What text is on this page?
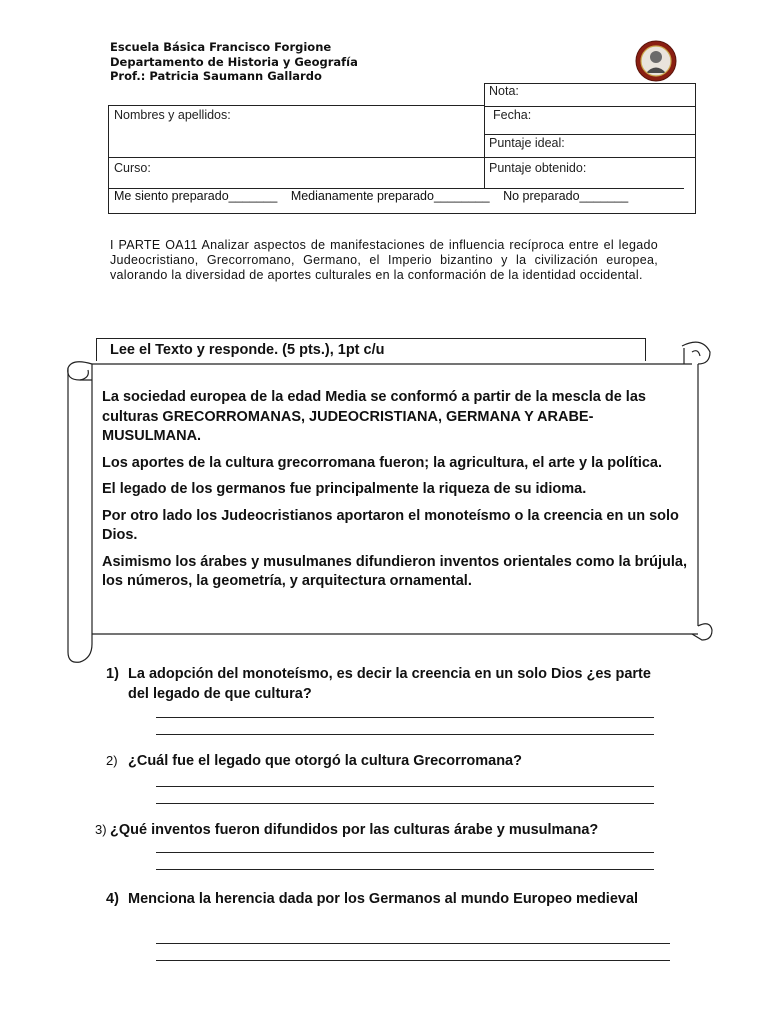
Escuela Básica Francisco Forgione
Departamento de Historia y Geografía
Prof.: Patricia Saumann Gallardo
Nota:
Nombres y apellidos:	Fecha:
Puntaje ideal:
Curso:	Puntaje obtenido:
Me siento preparado_______ Medianamente preparado________ No preparado_______
I PARTE OA11 Analizar aspectos de manifestaciones de influencia recíproca entre el legado Judeocristiano, Grecorromano, Germano, el Imperio bizantino y la civilización europea, valorando la diversidad de aportes culturales en la conformación de la identidad occidental.
Lee el Texto y responde. (5 pts.), 1pt c/u

La sociedad europea de la edad Media se conformó a partir de la mescla de las culturas GRECORROMANAS, JUDEOCRISTIANA, GERMANA Y ARABE-MUSULMANA.

Los aportes de la cultura grecorromana fueron; la agricultura, el arte y la política.

El legado de los germanos fue principalmente la riqueza de su idioma.

Por otro lado los Judeocristianos aportaron el monoteísmo o la creencia en un solo Dios.

Asimismo los árabes y musulmanes difundieron inventos orientales como la brújula, los números, la geometría, y arquitectura ornamental.

1) La adopción del monoteísmo, es decir la creencia en un solo Dios ¿es parte del legado de que cultura?
2) ¿Cuál fue el legado que otorgó la cultura Grecorromana?
3) ¿Qué inventos fueron difundidos por las culturas árabe y musulmana?
4) Menciona la herencia dada por los Germanos al mundo Europeo medieval
